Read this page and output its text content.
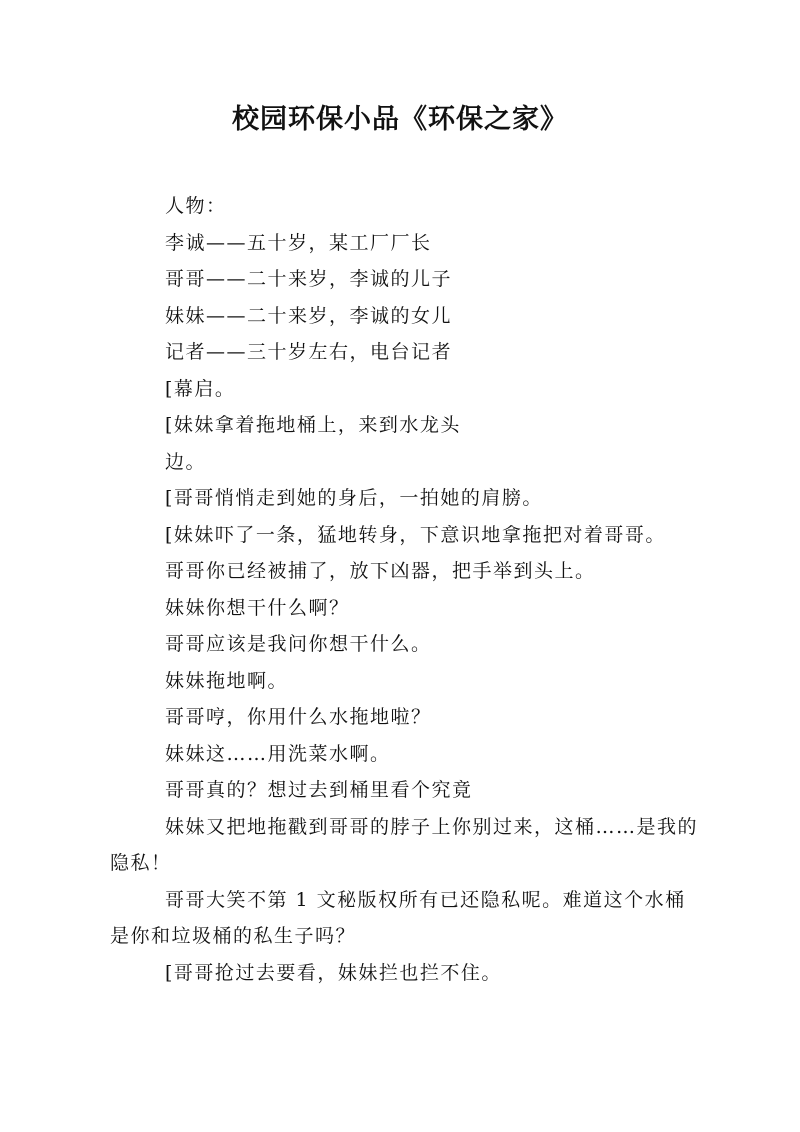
校园环保小品《环保之家》

人物：

李诚——五十岁，某工厂厂长

哥哥——二十来岁，李诚的儿子

妹妹——二十来岁，李诚的女儿

记者——三十岁左右，电台记者

[幕启。

[妹妹拿着拖地桶上，来到水龙头

边。

[哥哥悄悄走到她的身后，一拍她的肩膀。

[妹妹吓了一条，猛地转身，下意识地拿拖把对着哥哥。

哥哥你已经被捕了，放下凶器，把手举到头上。

妹妹你想干什么啊？

哥哥应该是我问你想干什么。

妹妹拖地啊。

哥哥哼，你用什么水拖地啦？

妹妹这……用洗菜水啊。

哥哥真的？想过去到桶里看个究竟

妹妹又把地拖戳到哥哥的脖子上你别过来，这桶……是我的隐私！

哥哥大笑不第 1 文秘版权所有已还隐私呢。难道这个水桶是你和垃圾桶的私生子吗？

[哥哥抢过去要看，妹妹拦也拦不住。
